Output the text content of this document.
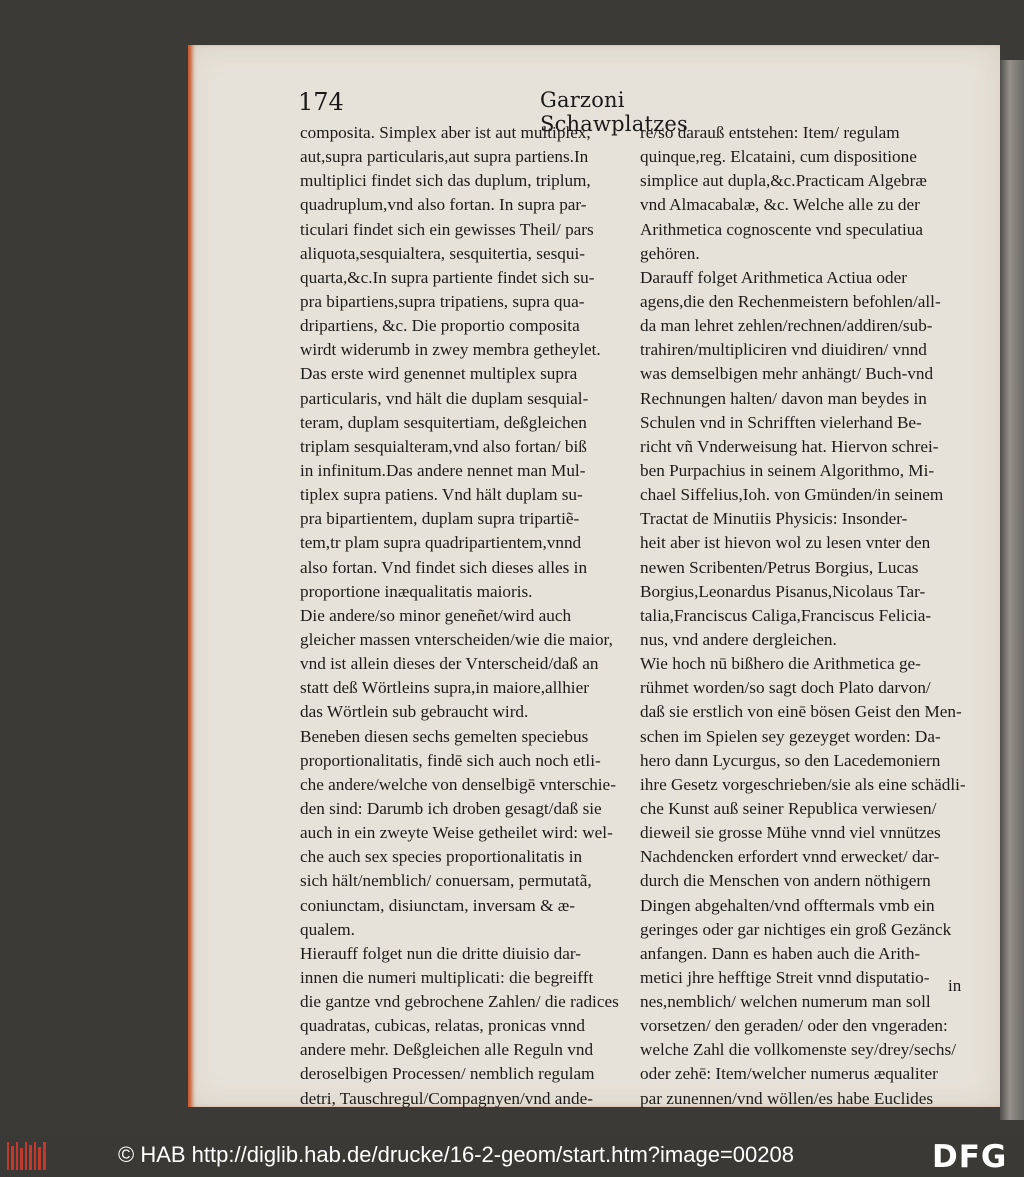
174	Garzoni Schawplatzes
composita. Simplex aber ist aut multiplex,
aut,supra particularis,aut supra partiens.In
multiplici findet sich das duplum, triplum,
quadruplum,vnd also fortan. In supra par-
ticulari findet sich ein gewisses Theil/ pars
aliquota,sesquialtera, sesquitertia, sesqui-
quarta,&c.In supra partiente findet sich su-
pra bipartiens,supra tripatiens, supra qua-
dripartiens, &c. Die proportio composita
wirdt widerumb in zwey membra getheylet.
Das erste wird genennet multiplex supra
particularis, vnd hält die duplam sesquial-
teram, duplam sesquitertiam, deßgleichen
triplam sesquialteram,vnd also fortan/ biß
in infinitum.Das andere nennet man Mul-
tiplex supra patiens. Vnd hält duplam su-
pra bipartientem, duplam supra tripartiẽ-
tem,tr plam supra quadripartientem,vnnd
also fortan. Vnd findet sich dieses alles in
proportione inæqualitatis maioris.
Die andere/so minor geneñet/wird auch
gleicher massen vnterscheiden/wie die maior,
vnd ist allein dieses der Vnterscheid/daß an
statt deß Wörtleins supra,in maiore,allhier
das Wörtlein sub gebraucht wird.
Beneben diesen sechs gemelten speciebus
proportionalitatis, findē sich auch noch etli-
che andere/welche von denselbigē vnterschie-
den sind: Darumb ich droben gesagt/daß sie
auch in ein zweyte Weise getheilet wird: wel-
che auch sex species proportionalitatis in
sich hält/nemblich/ conuersam, permutatã,
coniunctam, disiunctam, inversam & æ-
qualem.
Hierauff folget nun die dritte diuisio dar-
innen die numeri multiplicati: die begreifft
die gantze vnd gebrochene Zahlen/ die radices
quadratas, cubicas, relatas, pronicas vnnd
andere mehr. Deßgleichen alle Reguln vnd
deroselbigen Processen/ nemblich regulam
detri, Tauschregul/Compagnyen/vnd ande-
re/so darauß entstehen: Item/ regulam
quinque,reg. Elcataini, cum dispositione
simplice aut dupla,&c.Practicam Algebræ
vnd Almacabalæ, &c. Welche alle zu der
Arithmetica cognoscente vnd speculatiua
gehören.
Darauff folget Arithmetica Actiua oder
agens,die den Rechenmeistern befohlen/all-
da man lehret zehlen/rechnen/addiren/sub-
trahiren/multipliciren vnd diuidiren/ vnnd
was demselbigen mehr anhängt/ Buch-vnd
Rechnungen halten/ davon man beydes in
Schulen vnd in Schrifften vielerhand Be-
richt vñ Vnderweisung hat. Hiervon schrei-
ben Purpachius in seinem Algorithmo, Mi-
chael Siffelius,Ioh. von Gmünden/in seinem
Tractat de Minutiis Physicis: Insonder-
heit aber ist hievon wol zu lesen vnter den
newen Scribenten/Petrus Borgius, Lucas
Borgius,Leonardus Pisanus,Nicolaus Tar-
talia,Franciscus Caliga,Franciscus Felicia-
nus, vnd andere dergleichen.
Wie hoch nū bißhero die Arithmetica ge-
rühmet worden/so sagt doch Plato darvon/
daß sie erstlich von einē bösen Geist den Men-
schen im Spielen sey gezeyget worden: Da-
hero dann Lycurgus, so den Lacedemoniern
ihre Gesetz vorgeschrieben/sie als eine schädli-
che Kunst auß seiner Republica verwiesen/
dieweil sie grosse Mühe vnnd viel vnnützes
Nachdencken erfordert vnnd erwecket/ dar-
durch die Menschen von andern nöthigern
Dingen abgehalten/vnd offtermals vmb ein
geringes oder gar nichtiges ein groß Gezänck
anfangen. Dann es haben auch die Arith-
metici jhre hefftige Streit vnnd disputatio-
nes,nemblich/ welchen numerum man soll
vorsetzen/ den geraden/ oder den vngeraden:
welche Zahl die vollkomenste sey/drey/sechs/
oder zehē: Item/welcher numerus æqualiter
par zunennen/vnd wöllen/es habe Euclides
in
© HAB http://diglib.hab.de/drucke/16-2-geom/start.htm?image=00208	DFG
